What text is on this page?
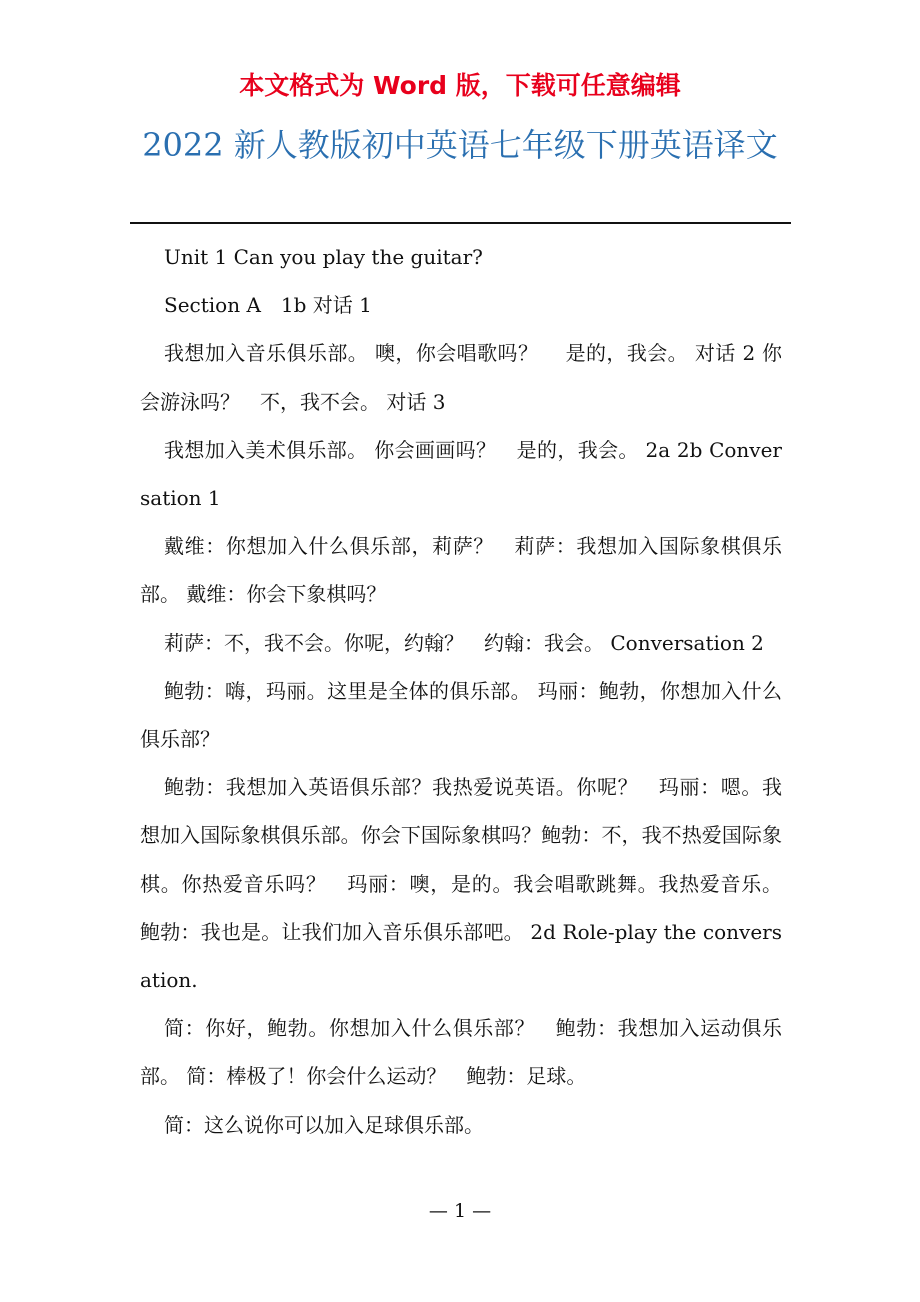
本文格式为 Word 版，下载可任意编辑
2022 新人教版初中英语七年级下册英语译文

Unit 1 Can you play the guitar?

Section A　1b 对话 1

我想加入音乐俱乐部。 噢，你会唱歌吗？　 是的，我会。 对话 2 你会游泳吗？　不，我不会。 对话 3

我想加入美术俱乐部。 你会画画吗？　是的，我会。 2a 2b Conversation 1

戴维：你想加入什么俱乐部，莉萨？　莉萨：我想加入国际象棋俱乐部。 戴维：你会下象棋吗？

莉萨：不，我不会。你呢，约翰？　约翰：我会。 Conversation 2

鲍勃：嗨，玛丽。这里是全体的俱乐部。 玛丽：鲍勃，你想加入什么俱乐部？

鲍勃：我想加入英语俱乐部？我热爱说英语。你呢？　玛丽：嗯。我想加入国际象棋俱乐部。你会下国际象棋吗？鲍勃：不，我不热爱国际象棋。你热爱音乐吗？　玛丽：噢，是的。我会唱歌跳舞。我热爱音乐。 鲍勃：我也是。让我们加入音乐俱乐部吧。 2d Role-play the conversation.

简：你好，鲍勃。你想加入什么俱乐部？　鲍勃：我想加入运动俱乐部。 简：棒极了！你会什么运动？　鲍勃：足球。

简：这么说你可以加入足球俱乐部。

— 1 —
